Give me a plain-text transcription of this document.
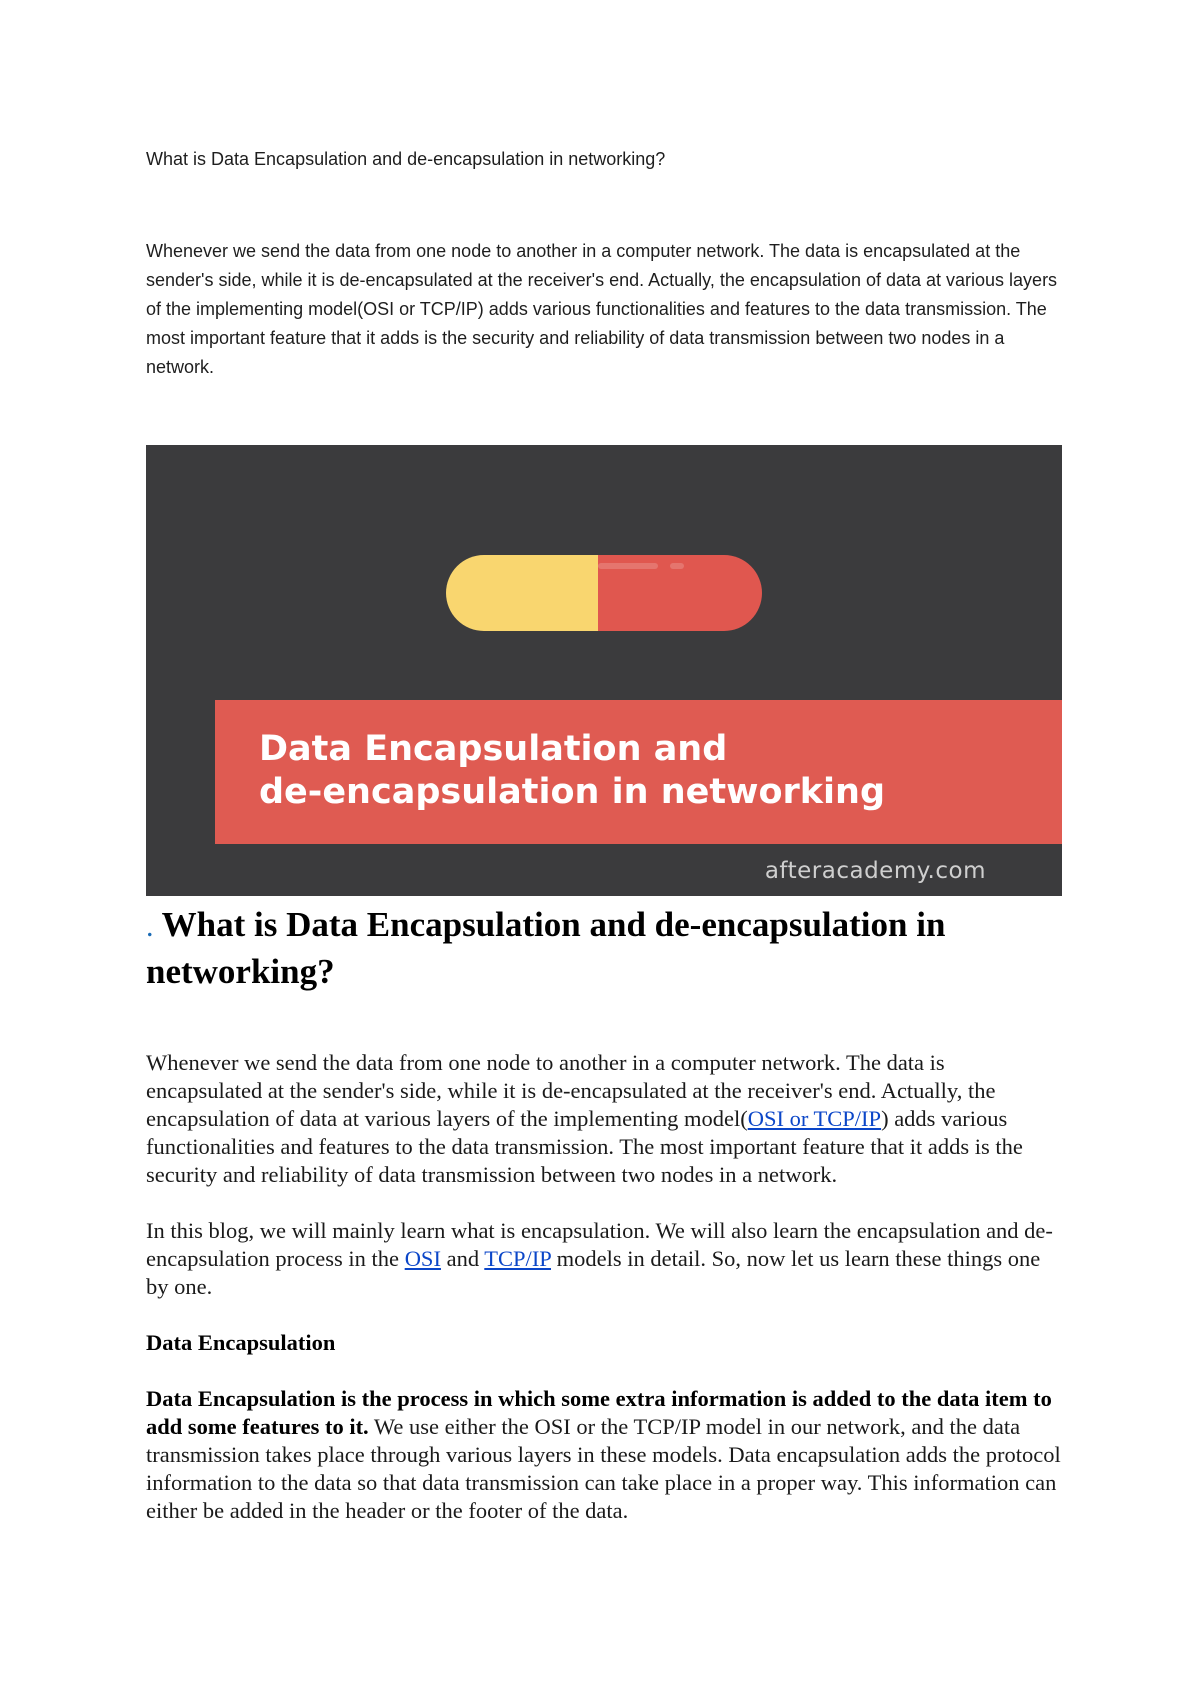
What is Data Encapsulation and de-encapsulation in networking?

Whenever we send the data from one node to another in a computer network. The data is encapsulated at the sender's side, while it is de-encapsulated at the receiver's end. Actually, the encapsulation of data at various layers of the implementing model(OSI or TCP/IP) adds various functionalities and features to the data transmission. The most important feature that it adds is the security and reliability of data transmission between two nodes in a network.

Data Encapsulation and
de-encapsulation in networking

afteracademy.com
. What is Data Encapsulation and de-encapsulation in networking?

Whenever we send the data from one node to another in a computer network. The data is encapsulated at the sender's side, while it is de-encapsulated at the receiver's end. Actually, the encapsulation of data at various layers of the implementing model(OSI or TCP/IP) adds various functionalities and features to the data transmission. The most important feature that it adds is the security and reliability of data transmission between two nodes in a network.

In this blog, we will mainly learn what is encapsulation. We will also learn the encapsulation and de-encapsulation process in the OSI and TCP/IP models in detail. So, now let us learn these things one by one.

Data Encapsulation

Data Encapsulation is the process in which some extra information is added to the data item to add some features to it. We use either the OSI or the TCP/IP model in our network, and the data transmission takes place through various layers in these models. Data encapsulation adds the protocol information to the data so that data transmission can take place in a proper way. This information can either be added in the header or the footer of the data.
